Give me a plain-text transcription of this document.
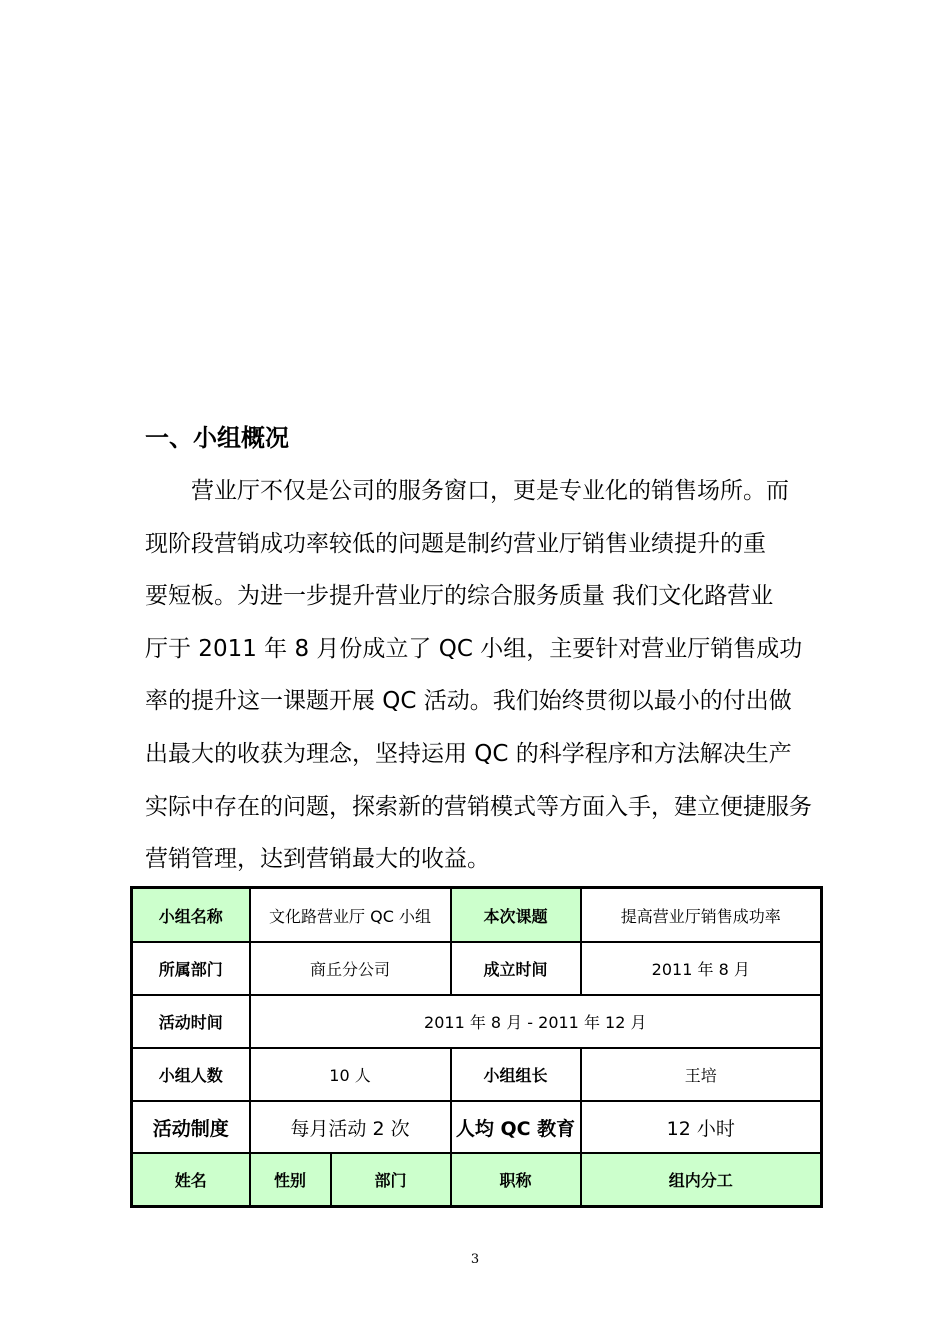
一、小组概况
营业厅不仅是公司的服务窗口，更是专业化的销售场所。而
现阶段营销成功率较低的问题是制约营业厅销售业绩提升的重
要短板。为进一步提升营业厅的综合服务质量 我们文化路营业
厅于 2011 年 8 月份成立了 QC 小组，主要针对营业厅销售成功
率的提升这一课题开展 QC 活动。我们始终贯彻以最小的付出做
出最大的收获为理念，坚持运用 QC 的科学程序和方法解决生产
实际中存在的问题，探索新的营销模式等方面入手，建立便捷服务
营销管理，达到营销最大的收益。
小组名称	文化路营业厅 QC 小组		本次课题	提高营业厅销售成功率
所属部门	商丘分公司		成立时间	2011 年 8 月
活动时间	2011 年 8 月 - 2011 年 12 月			
小组人数	10 人		小组组长	王培
活动制度	每月活动 2 次		人均 QC 教育	12 小时
姓名	性别	部门	职称	组内分工
3
